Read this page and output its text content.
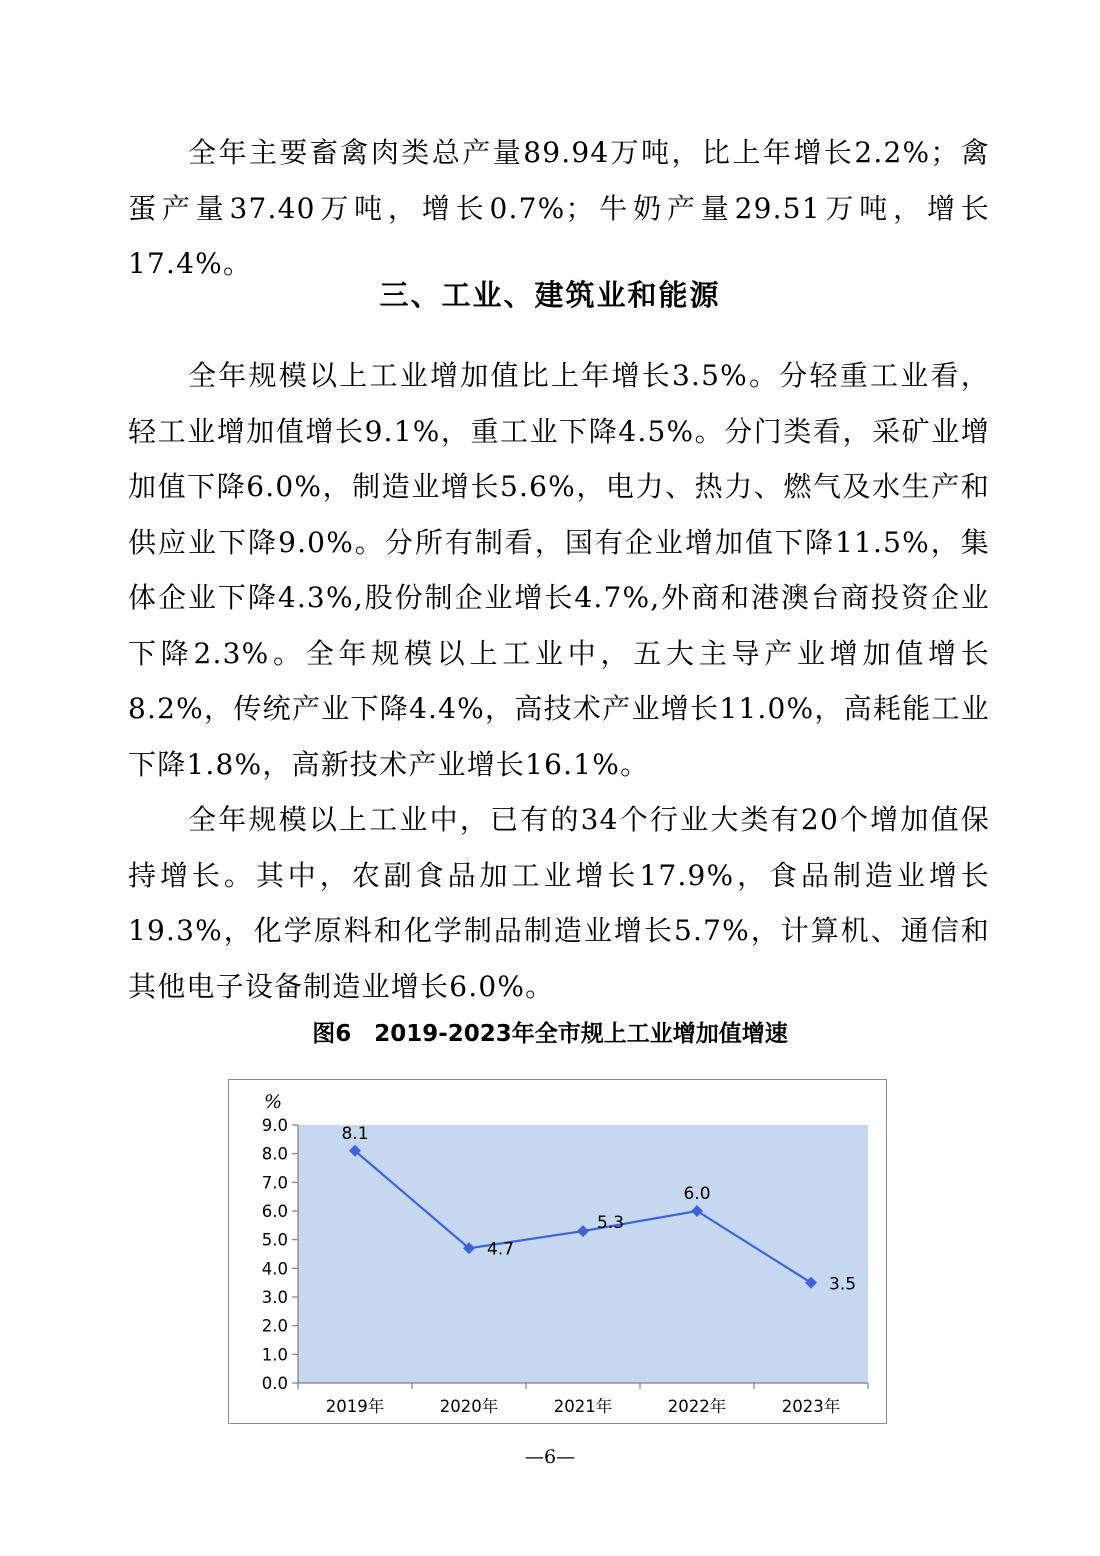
全年主要畜禽肉类总产量89.94万吨，比上年增长2.2%；禽蛋产量37.40万吨，增长0.7%；牛奶产量29.51万吨，增长17.4%。

三、工业、建筑业和能源

全年规模以上工业增加值比上年增长3.5%。分轻重工业看，轻工业增加值增长9.1%，重工业下降4.5%。分门类看，采矿业增加值下降6.0%，制造业增长5.6%，电力、热力、燃气及水生产和供应业下降9.0%。分所有制看，国有企业增加值下降11.5%，集体企业下降4.3%,股份制企业增长4.7%,外商和港澳台商投资企业下降2.3%。全年规模以上工业中，五大主导产业增加值增长8.2%，传统产业下降4.4%，高技术产业增长11.0%，高耗能工业下降1.8%，高新技术产业增长16.1%。

全年规模以上工业中，已有的34个行业大类有20个增加值保持增长。其中，农副食品加工业增长17.9%，食品制造业增长19.3%，化学原料和化学制品制造业增长5.7%，计算机、通信和其他电子设备制造业增长6.0%。

图6　2019-2023年全市规上工业增加值增速

0.0
1.0
2.0
3.0
4.0
5.0
6.0
7.0
8.0
9.0
%
2019年	2020年	2021年	2022年	2023年
8.1
4.7
5.3
6.0
3.5

—6—
